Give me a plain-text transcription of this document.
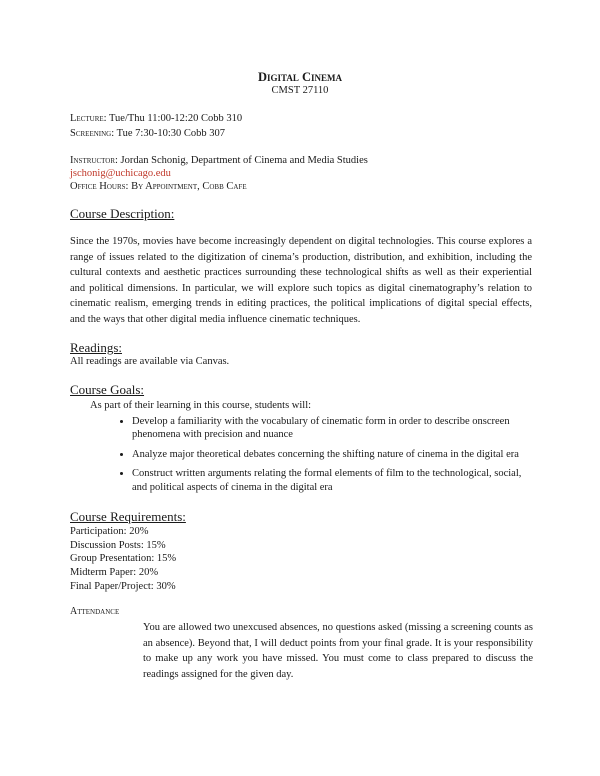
Digital Cinema
CMST 27110
Lecture: Tue/Thu 11:00-12:20 Cobb 310
Screening: Tue 7:30-10:30 Cobb 307
Instructor: Jordan Schonig, Department of Cinema and Media Studies
jschonig@uchicago.edu
Office Hours: By Appointment, Cobb Cafe
Course Description:
Since the 1970s, movies have become increasingly dependent on digital technologies. This course explores a range of issues related to the digitization of cinema’s production, distribution, and exhibition, including the cultural contexts and aesthetic practices surrounding these technological shifts as well as their experiential and political dimensions. In particular, we will explore such topics as digital cinematography’s relation to cinematic realism, emerging trends in editing practices, the political implications of digital special effects, and the ways that other digital media influence cinematic techniques.
Readings:
All readings are available via Canvas.
Course Goals:
As part of their learning in this course, students will:
• Develop a familiarity with the vocabulary of cinematic form in order to describe onscreen phenomena with precision and nuance
• Analyze major theoretical debates concerning the shifting nature of cinema in the digital era
• Construct written arguments relating the formal elements of film to the technological, social, and political aspects of cinema in the digital era
Course Requirements:
Participation: 20%
Discussion Posts: 15%
Group Presentation: 15%
Midterm Paper: 20%
Final Paper/Project: 30%
Attendance
You are allowed two unexcused absences, no questions asked (missing a screening counts as an absence). Beyond that, I will deduct points from your final grade. It is your responsibility to make up any work you have missed. You must come to class prepared to discuss the readings assigned for the given day.
